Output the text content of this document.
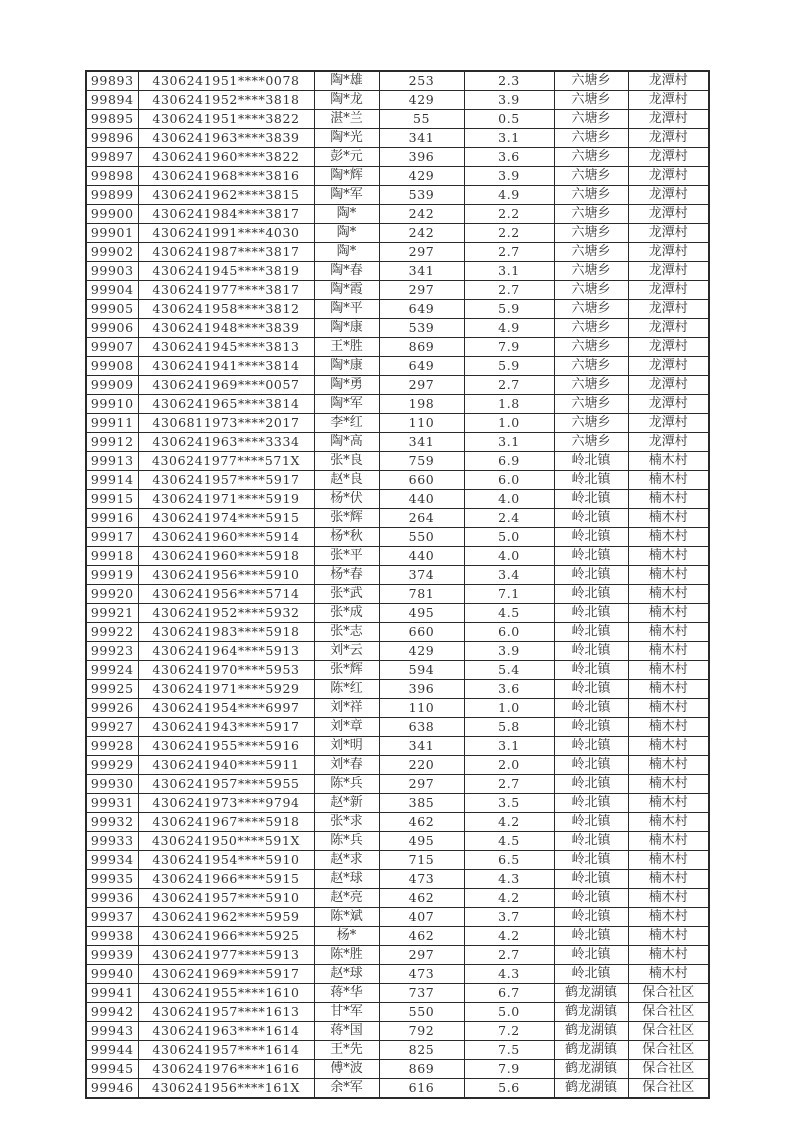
99893	4306241951****0078	陶*雄	253	2.3	六塘乡	龙潭村
99894	4306241952****3818	陶*龙	429	3.9	六塘乡	龙潭村
99895	4306241951****3822	湛*兰	55	0.5	六塘乡	龙潭村
99896	4306241963****3839	陶*光	341	3.1	六塘乡	龙潭村
99897	4306241960****3822	彭*元	396	3.6	六塘乡	龙潭村
99898	4306241968****3816	陶*辉	429	3.9	六塘乡	龙潭村
99899	4306241962****3815	陶*军	539	4.9	六塘乡	龙潭村
99900	4306241984****3817	陶*	242	2.2	六塘乡	龙潭村
99901	4306241991****4030	陶*	242	2.2	六塘乡	龙潭村
99902	4306241987****3817	陶*	297	2.7	六塘乡	龙潭村
99903	4306241945****3819	陶*春	341	3.1	六塘乡	龙潭村
99904	4306241977****3817	陶*霞	297	2.7	六塘乡	龙潭村
99905	4306241958****3812	陶*平	649	5.9	六塘乡	龙潭村
99906	4306241948****3839	陶*康	539	4.9	六塘乡	龙潭村
99907	4306241945****3813	王*胜	869	7.9	六塘乡	龙潭村
99908	4306241941****3814	陶*康	649	5.9	六塘乡	龙潭村
99909	4306241969****0057	陶*勇	297	2.7	六塘乡	龙潭村
99910	4306241965****3814	陶*军	198	1.8	六塘乡	龙潭村
99911	4306811973****2017	李*红	110	1.0	六塘乡	龙潭村
99912	4306241963****3334	陶*高	341	3.1	六塘乡	龙潭村
99913	4306241977****571X	张*良	759	6.9	岭北镇	楠木村
99914	4306241957****5917	赵*良	660	6.0	岭北镇	楠木村
99915	4306241971****5919	杨*伏	440	4.0	岭北镇	楠木村
99916	4306241974****5915	张*辉	264	2.4	岭北镇	楠木村
99917	4306241960****5914	杨*秋	550	5.0	岭北镇	楠木村
99918	4306241960****5918	张*平	440	4.0	岭北镇	楠木村
99919	4306241956****5910	杨*春	374	3.4	岭北镇	楠木村
99920	4306241956****5714	张*武	781	7.1	岭北镇	楠木村
99921	4306241952****5932	张*成	495	4.5	岭北镇	楠木村
99922	4306241983****5918	张*志	660	6.0	岭北镇	楠木村
99923	4306241964****5913	刘*云	429	3.9	岭北镇	楠木村
99924	4306241970****5953	张*辉	594	5.4	岭北镇	楠木村
99925	4306241971****5929	陈*红	396	3.6	岭北镇	楠木村
99926	4306241954****6997	刘*祥	110	1.0	岭北镇	楠木村
99927	4306241943****5917	刘*章	638	5.8	岭北镇	楠木村
99928	4306241955****5916	刘*明	341	3.1	岭北镇	楠木村
99929	4306241940****5911	刘*春	220	2.0	岭北镇	楠木村
99930	4306241957****5955	陈*兵	297	2.7	岭北镇	楠木村
99931	4306241973****9794	赵*新	385	3.5	岭北镇	楠木村
99932	4306241967****5918	张*求	462	4.2	岭北镇	楠木村
99933	4306241950****591X	陈*兵	495	4.5	岭北镇	楠木村
99934	4306241954****5910	赵*求	715	6.5	岭北镇	楠木村
99935	4306241966****5915	赵*球	473	4.3	岭北镇	楠木村
99936	4306241957****5910	赵*亮	462	4.2	岭北镇	楠木村
99937	4306241962****5959	陈*斌	407	3.7	岭北镇	楠木村
99938	4306241966****5925	杨*	462	4.2	岭北镇	楠木村
99939	4306241977****5913	陈*胜	297	2.7	岭北镇	楠木村
99940	4306241969****5917	赵*球	473	4.3	岭北镇	楠木村
99941	4306241955****1610	蒋*华	737	6.7	鹤龙湖镇	保合社区
99942	4306241957****1613	甘*军	550	5.0	鹤龙湖镇	保合社区
99943	4306241963****1614	蒋*国	792	7.2	鹤龙湖镇	保合社区
99944	4306241957****1614	王*先	825	7.5	鹤龙湖镇	保合社区
99945	4306241976****1616	傅*波	869	7.9	鹤龙湖镇	保合社区
99946	4306241956****161X	余*军	616	5.6	鹤龙湖镇	保合社区
